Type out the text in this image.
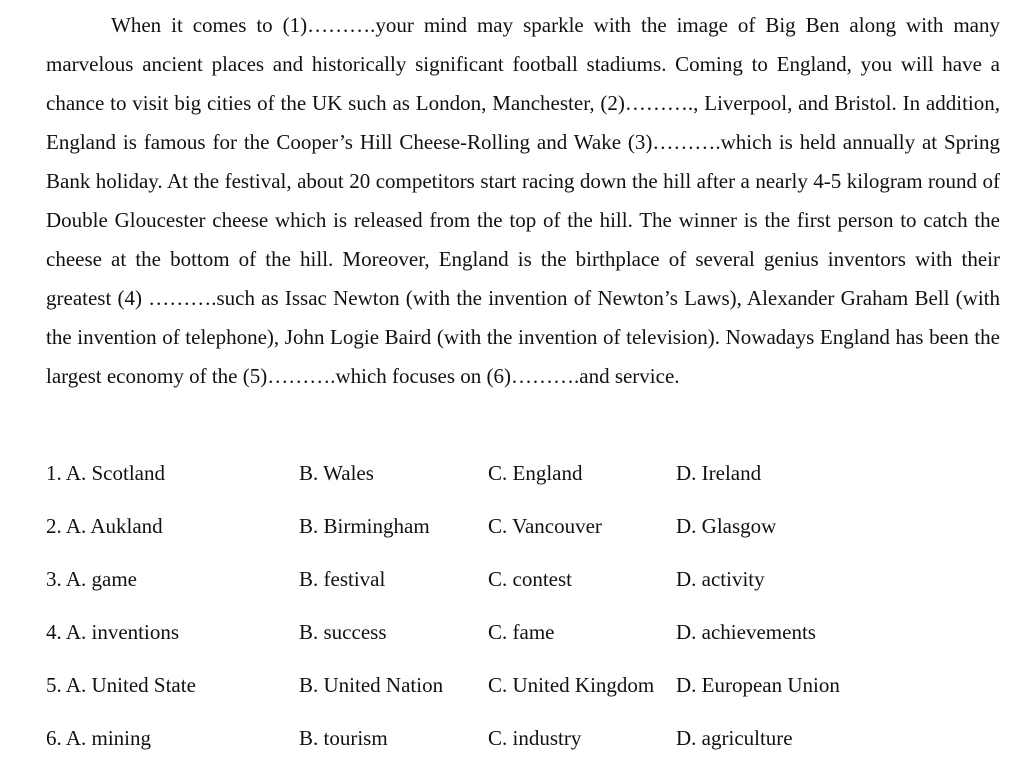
When it comes to (1)……….your mind may sparkle with the image of Big Ben along with many marvelous ancient places and historically significant football stadiums. Coming to England, you will have a chance to visit big cities of the UK such as London, Manchester, (2)………., Liverpool, and Bristol. In addition, England is famous for the Cooper’s Hill Cheese-Rolling and Wake (3)……….which is held annually at Spring Bank holiday. At the festival, about 20 competitors start racing down the hill after a nearly 4-5 kilogram round of Double Gloucester cheese which is released from the top of the hill. The winner is the first person to catch the cheese at the bottom of the hill. Moreover, England is the birthplace of several genius inventors with their greatest (4) ……….such as Issac Newton (with the invention of Newton’s Laws), Alexander Graham Bell (with the invention of telephone), John Logie Baird (with the invention of television). Nowadays England has been the largest economy of the (5)……….which focuses on (6)……….and service.

1. A. Scotland	B. Wales	C. England	D. Ireland
2. A. Aukland	B. Birmingham	C. Vancouver	D. Glasgow
3. A. game	B. festival	C. contest	D. activity
4. A. inventions	B. success	C. fame	D. achievements
5. A. United State	B. United Nation	C. United Kingdom	D. European Union
6. A. mining	B. tourism	C. industry	D. agriculture
